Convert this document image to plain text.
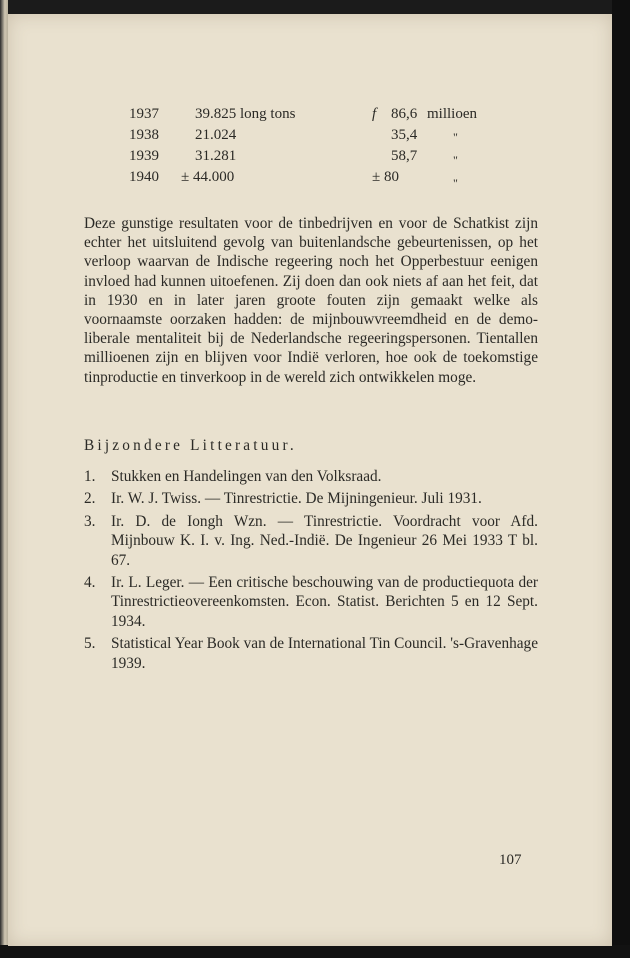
1937 39.825 long tons	f 86,6 millioen
1938 21.024	35,4	"
1939 31.281	58,7	"
1940 ± 44.000	± 80	"

Deze gunstige resultaten voor de tinbedrijven en voor de Schatkist zijn echter het uitsluitend gevolg van buitenlandsche gebeurtenissen, op het verloop waarvan de Indische regeering noch het Opperbestuur eenigen invloed had kunnen uitoefenen. Zij doen dan ook niets af aan het feit, dat in 1930 en in later jaren groote fouten zijn gemaakt welke als voornaamste oorzaken hadden: de mijnbouwvreemdheid en de demo-liberale mentaliteit bij de Nederlandsche regeeringspersonen. Tientallen millioenen zijn en blijven voor Indië verloren, hoe ook de toekomstige tinproductie en tinverkoop in de wereld zich ontwikkelen moge.

Bijzondere Litteratuur.

1. Stukken en Handelingen van den Volksraad.
2. Ir. W. J. Twiss. — Tinrestrictie. De Mijningenieur. Juli 1931.
3. Ir. D. de Iongh Wzn. — Tinrestrictie. Voordracht voor Afd. Mijnbouw K. I. v. Ing. Ned.-Indië. De Ingenieur 26 Mei 1933 T bl. 67.
4. Ir. L. Leger. — Een critische beschouwing van de productiequota der Tinrestrictieovereenkomsten. Econ. Statist. Berichten 5 en 12 Sept. 1934.
5. Statistical Year Book van de International Tin Council. 's-Gravenhage 1939.
107
